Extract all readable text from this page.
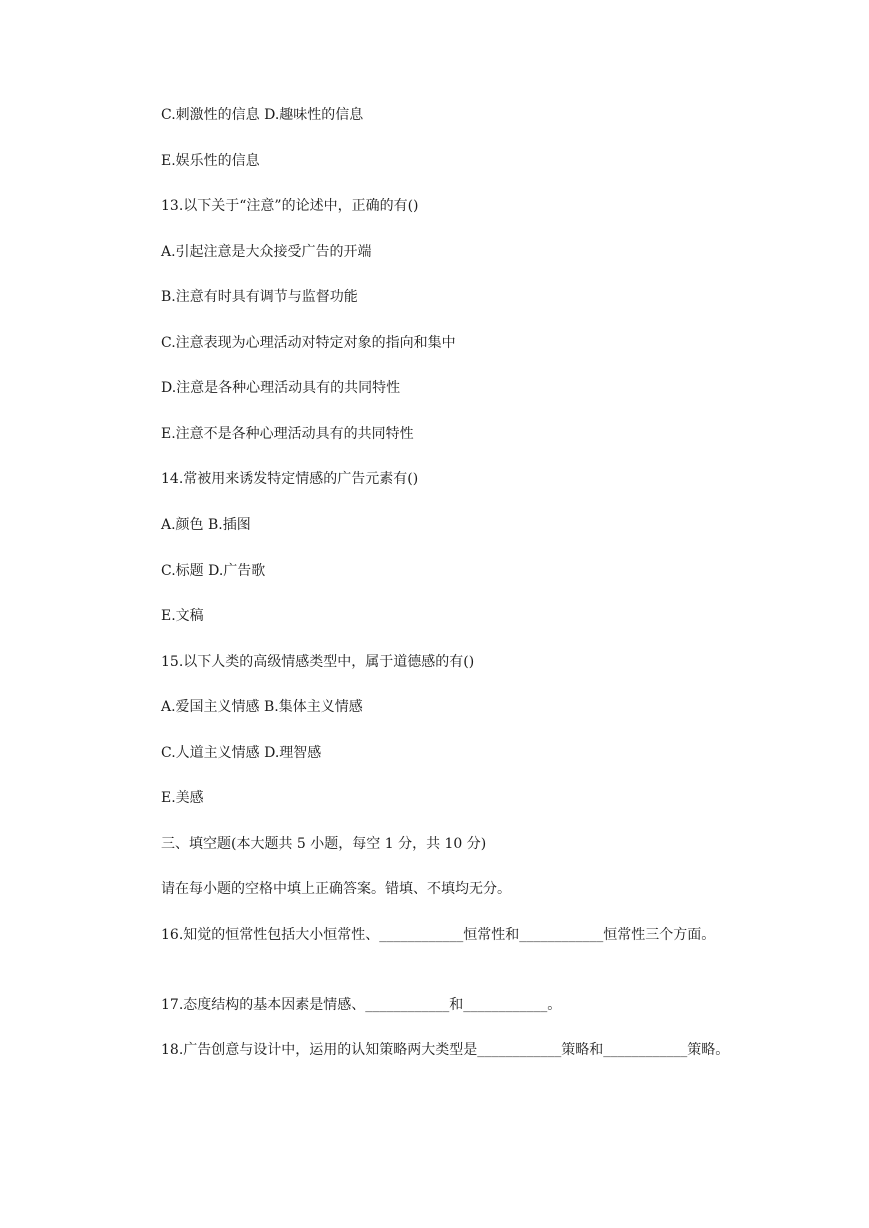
C.刺激性的信息 D.趣味性的信息
E.娱乐性的信息
13.以下关于“注意”的论述中，正确的有()
A.引起注意是大众接受广告的开端
B.注意有时具有调节与监督功能
C.注意表现为心理活动对特定对象的指向和集中
D.注意是各种心理活动具有的共同特性
E.注意不是各种心理活动具有的共同特性
14.常被用来诱发特定情感的广告元素有()
A.颜色 B.插图
C.标题 D.广告歌
E.文稿
15.以下人类的高级情感类型中，属于道德感的有()
A.爱国主义情感 B.集体主义情感
C.人道主义情感 D.理智感
E.美感
三、填空题(本大题共 5 小题，每空 1 分，共 10 分)
请在每小题的空格中填上正确答案。错填、不填均无分。
16.知觉的恒常性包括大小恒常性、____________恒常性和____________恒常性三个方面。
17.态度结构的基本因素是情感、____________和____________。
18.广告创意与设计中，运用的认知策略两大类型是____________策略和____________策略。
